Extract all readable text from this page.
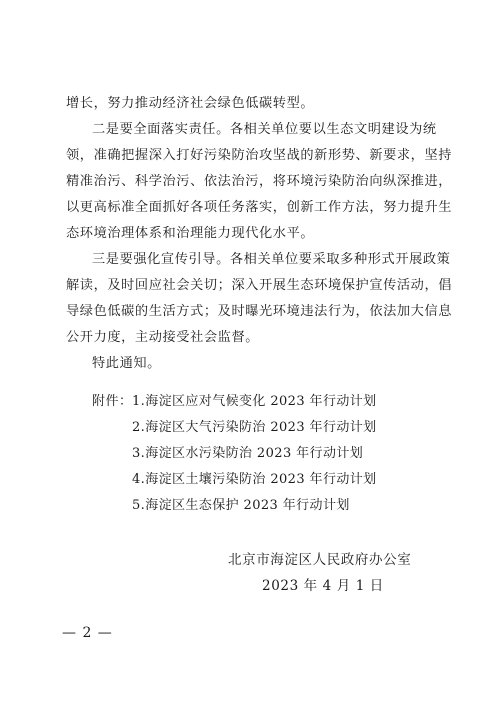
增长，努力推动经济社会绿色低碳转型。
二是要全面落实责任。各相关单位要以生态文明建设为统
领，准确把握深入打好污染防治攻坚战的新形势、新要求，坚持
精准治污、科学治污、依法治污，将环境污染防治向纵深推进，
以更高标准全面抓好各项任务落实，创新工作方法，努力提升生
态环境治理体系和治理能力现代化水平。
三是要强化宣传引导。各相关单位要采取多种形式开展政策
解读，及时回应社会关切；深入开展生态环境保护宣传活动，倡
导绿色低碳的生活方式；及时曝光环境违法行为，依法加大信息
公开力度，主动接受社会监督。
特此通知。
附件： 1.海淀区应对气候变化 2023 年行动计划
2.海淀区大气污染防治 2023 年行动计划
3.海淀区水污染防治 2023 年行动计划
4.海淀区土壤污染防治 2023 年行动计划
5.海淀区生态保护 2023 年行动计划
北京市海淀区人民政府办公室
2023 年 4 月 1 日
— 2 —
